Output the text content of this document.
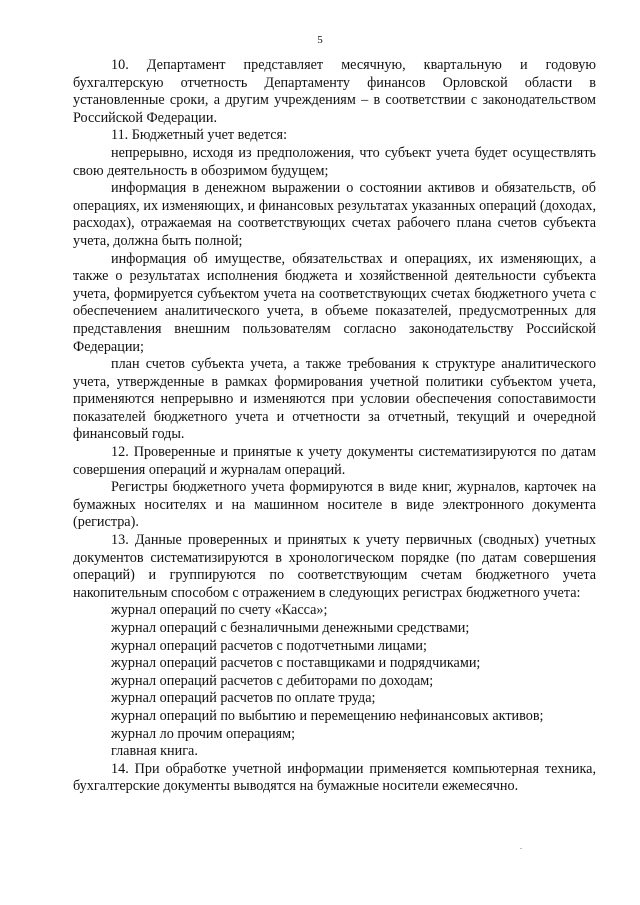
5

10. Департамент представляет месячную, квартальную и годовую бухгалтерскую отчетность Департаменту финансов Орловской области в установленные сроки, а другим учреждениям – в соответствии с законодательством Российской Федерации.

11. Бюджетный учет ведется:

непрерывно, исходя из предположения, что субъект учета будет осуществлять свою деятельность в обозримом будущем;

информация в денежном выражении о состоянии активов и обязательств, об операциях, их изменяющих, и финансовых результатах указанных операций (доходах, расходах), отражаемая на соответствующих счетах рабочего плана счетов субъекта учета, должна быть полной;

информация об имуществе, обязательствах и операциях, их изменяющих, а также о результатах исполнения бюджета и хозяйственной деятельности субъекта учета, формируется субъектом учета на соответствующих счетах бюджетного учета с обеспечением аналитического учета, в объеме показателей, предусмотренных для представления внешним пользователям согласно законодательству Российской Федерации;

план счетов субъекта учета, а также требования к структуре аналитического учета, утвержденные в рамках формирования учетной политики субъектом учета, применяются непрерывно и изменяются при условии обеспечения сопоставимости показателей бюджетного учета и отчетности за отчетный, текущий и очередной финансовый годы.

12. Проверенные и принятые к учету документы систематизируются по датам совершения операций и журналам операций.

Регистры бюджетного учета формируются в виде книг, журналов, карточек на бумажных носителях и на машинном носителе в виде электронного документа (регистра).

13. Данные проверенных и принятых к учету первичных (сводных) учетных документов систематизируются в хронологическом порядке (по датам совершения операций) и группируются по соответствующим счетам бюджетного учета накопительным способом с отражением в следующих регистрах бюджетного учета:

журнал операций по счету «Касса»;

журнал операций с безналичными денежными средствами;

журнал операций расчетов с подотчетными лицами;

журнал операций расчетов с поставщиками и подрядчиками;

журнал операций расчетов с дебиторами по доходам;

журнал операций расчетов по оплате труда;

журнал операций по выбытию и перемещению нефинансовых активов;

журнал ло прочим операциям;

главная книга.

14. При обработке учетной информации применяется компьютерная техника, бухгалтерские документы выводятся на бумажные носители ежемесячно.
